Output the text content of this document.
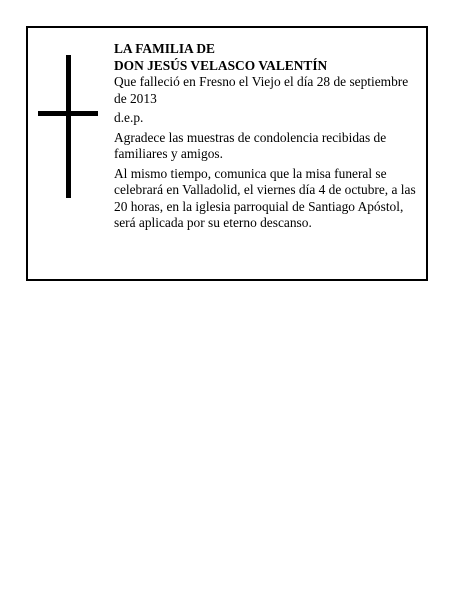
LA FAMILIA DE

DON JESÚS VELASCO VALENTÍN

Que falleció en Fresno el Viejo el día 28 de septiembre de 2013

d.e.p.

Agradece las muestras de condolencia recibidas de familiares y amigos.

Al mismo tiempo, comunica que la misa funeral se celebrará en Valladolid, el viernes día 4 de octubre, a las 20 horas, en la iglesia parroquial de Santiago Apóstol, será aplicada por su eterno descanso.
